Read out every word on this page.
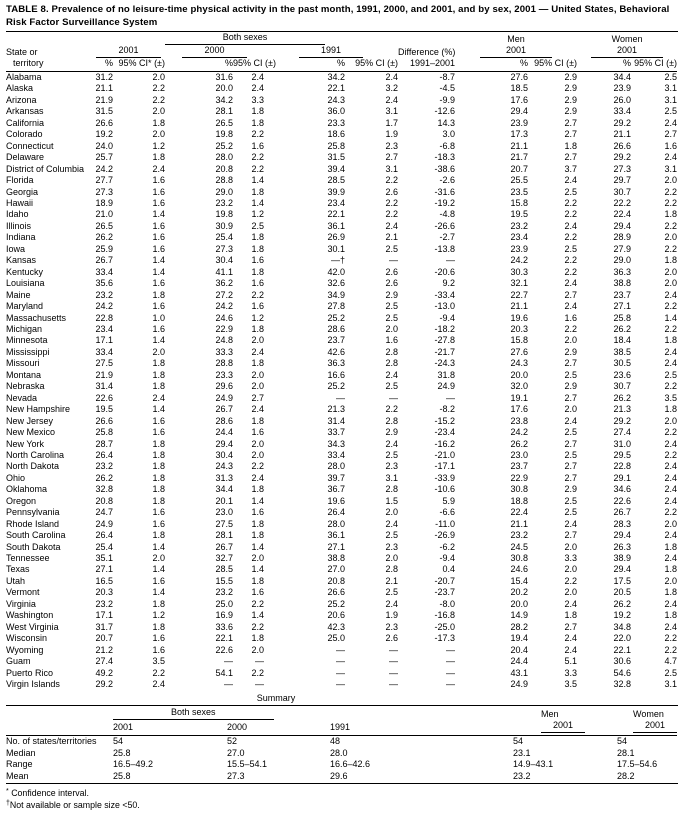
TABLE 8. Prevalence of no leisure-time physical activity in the past month, 1991, 2000, and 2001, and by sex, 2001 — United States, Behavioral Risk Factor Surveillance System
	Both sexes							Men		Women	
State or	2001		2000		1991		Difference (%)	2001		2001	
territory	%	95% CI* (±)	%	95% CI (±)	%	95% CI (±)	1991–2001	%	95% CI (±)	%	95% CI (±)
Alabama	31.2	2.0	31.6	2.4	34.2	2.4	-8.7	27.6	2.9	34.4	2.5
Alaska	21.1	2.2	20.0	2.4	22.1	3.2	-4.5	18.5	2.9	23.9	3.1
Arizona	21.9	2.2	34.2	3.3	24.3	2.4	-9.9	17.6	2.9	26.0	3.1
Arkansas	31.5	2.0	28.1	1.8	36.0	3.1	-12.6	29.4	2.9	33.4	2.5
California	26.6	1.8	26.5	1.8	23.3	1.7	14.3	23.9	2.7	29.2	2.4
Colorado	19.2	2.0	19.8	2.2	18.6	1.9	3.0	17.3	2.7	21.1	2.7
Connecticut	24.0	1.2	25.2	1.6	25.8	2.3	-6.8	21.1	1.8	26.6	1.6
Delaware	25.7	1.8	28.0	2.2	31.5	2.7	-18.3	21.7	2.7	29.2	2.4
District of Columbia	24.2	2.4	20.8	2.2	39.4	3.1	-38.6	20.7	3.7	27.3	3.1
Florida	27.7	1.6	28.8	1.4	28.5	2.2	-2.6	25.5	2.4	29.7	2.0
Georgia	27.3	1.6	29.0	1.8	39.9	2.6	-31.6	23.5	2.5	30.7	2.2
Hawaii	18.9	1.6	23.2	1.4	23.4	2.2	-19.2	15.8	2.2	22.2	2.2
Idaho	21.0	1.4	19.8	1.2	22.1	2.2	-4.8	19.5	2.2	22.4	1.8
Illinois	26.5	1.6	30.9	2.5	36.1	2.4	-26.6	23.2	2.4	29.4	2.2
Indiana	26.2	1.6	25.4	1.8	26.9	2.1	-2.7	23.4	2.2	28.9	2.0
Iowa	25.9	1.6	27.3	1.8	30.1	2.5	-13.8	23.9	2.5	27.9	2.2
Kansas	26.7	1.4	30.4	1.6	—†	—	—	24.2	2.2	29.0	1.8
Kentucky	33.4	1.4	41.1	1.8	42.0	2.6	-20.6	30.3	2.2	36.3	2.0
Louisiana	35.6	1.6	36.2	1.6	32.6	2.6	9.2	32.1	2.4	38.8	2.0
Maine	23.2	1.8	27.2	2.2	34.9	2.9	-33.4	22.7	2.7	23.7	2.4
Maryland	24.2	1.6	24.2	1.6	27.8	2.5	-13.0	21.1	2.4	27.1	2.2
Massachusetts	22.8	1.0	24.6	1.2	25.2	2.5	-9.4	19.6	1.6	25.8	1.4
Michigan	23.4	1.6	22.9	1.8	28.6	2.0	-18.2	20.3	2.2	26.2	2.2
Minnesota	17.1	1.4	24.8	2.0	23.7	1.6	-27.8	15.8	2.0	18.4	1.8
Mississippi	33.4	2.0	33.3	2.4	42.6	2.8	-21.7	27.6	2.9	38.5	2.4
Missouri	27.5	1.8	28.8	1.8	36.3	2.8	-24.3	24.3	2.7	30.5	2.4
Montana	21.9	1.8	23.3	2.0	16.6	2.4	31.8	20.0	2.5	23.6	2.5
Nebraska	31.4	1.8	29.6	2.0	25.2	2.5	24.9	32.0	2.9	30.7	2.2
Nevada	22.6	2.4	24.9	2.7	—	—	—	19.1	2.7	26.2	3.5
New Hampshire	19.5	1.4	26.7	2.4	21.3	2.2	-8.2	17.6	2.0	21.3	1.8
New Jersey	26.6	1.6	28.6	1.8	31.4	2.8	-15.2	23.8	2.4	29.2	2.0
New Mexico	25.8	1.6	24.4	1.6	33.7	2.9	-23.4	24.2	2.5	27.4	2.2
New York	28.7	1.8	29.4	2.0	34.3	2.4	-16.2	26.2	2.7	31.0	2.4
North Carolina	26.4	1.8	30.4	2.0	33.4	2.5	-21.0	23.0	2.5	29.5	2.2
North Dakota	23.2	1.8	24.3	2.2	28.0	2.3	-17.1	23.7	2.7	22.8	2.4
Ohio	26.2	1.8	31.3	2.4	39.7	3.1	-33.9	22.9	2.7	29.1	2.4
Oklahoma	32.8	1.8	34.4	1.8	36.7	2.8	-10.6	30.8	2.9	34.6	2.4
Oregon	20.8	1.8	20.1	1.4	19.6	1.5	5.9	18.8	2.5	22.6	2.4
Pennsylvania	24.7	1.6	23.0	1.6	26.4	2.0	-6.6	22.4	2.5	26.7	2.2
Rhode Island	24.9	1.6	27.5	1.8	28.0	2.4	-11.0	21.1	2.4	28.3	2.0
South Carolina	26.4	1.8	28.1	1.8	36.1	2.5	-26.9	23.2	2.7	29.4	2.4
South Dakota	25.4	1.4	26.7	1.4	27.1	2.3	-6.2	24.5	2.0	26.3	1.8
Tennessee	35.1	2.0	32.7	2.0	38.8	2.0	-9.4	30.8	3.3	38.9	2.4
Texas	27.1	1.4	28.5	1.4	27.0	2.8	0.4	24.6	2.0	29.4	1.8
Utah	16.5	1.6	15.5	1.8	20.8	2.1	-20.7	15.4	2.2	17.5	2.0
Vermont	20.3	1.4	23.2	1.6	26.6	2.5	-23.7	20.2	2.0	20.5	1.8
Virginia	23.2	1.8	25.0	2.2	25.2	2.4	-8.0	20.0	2.4	26.2	2.4
Washington	17.1	1.2	16.9	1.4	20.6	1.9	-16.8	14.9	1.8	19.2	1.8
West Virginia	31.7	1.8	33.6	2.2	42.3	2.3	-25.0	28.2	2.7	34.8	2.4
Wisconsin	20.7	1.6	22.1	1.8	25.0	2.6	-17.3	19.4	2.4	22.0	2.2
Wyoming	21.2	1.6	22.6	2.0	—	—	—	20.4	2.4	22.1	2.2
Guam	27.4	3.5	—	—	—	—	—	24.4	5.1	30.6	4.7
Puerto Rico	49.2	2.2	54.1	2.2	—	—	—	43.1	3.3	54.6	2.5
Virgin Islands	29.2	2.4	—	—	—	—	—	24.9	3.5	32.8	3.1
Summary
	Both sexes			Men	Women
	2001	2000	1991	2001	2001
No. of states/territories	54	52	48	54	54
Median	25.8	27.0	28.0	23.1	28.1
Range	16.5–49.2	15.5–54.1	16.6–42.6	14.9–43.1	17.5–54.6
Mean	25.8	27.3	29.6	23.2	28.2
* Confidence interval.
†Not available or sample size <50.
